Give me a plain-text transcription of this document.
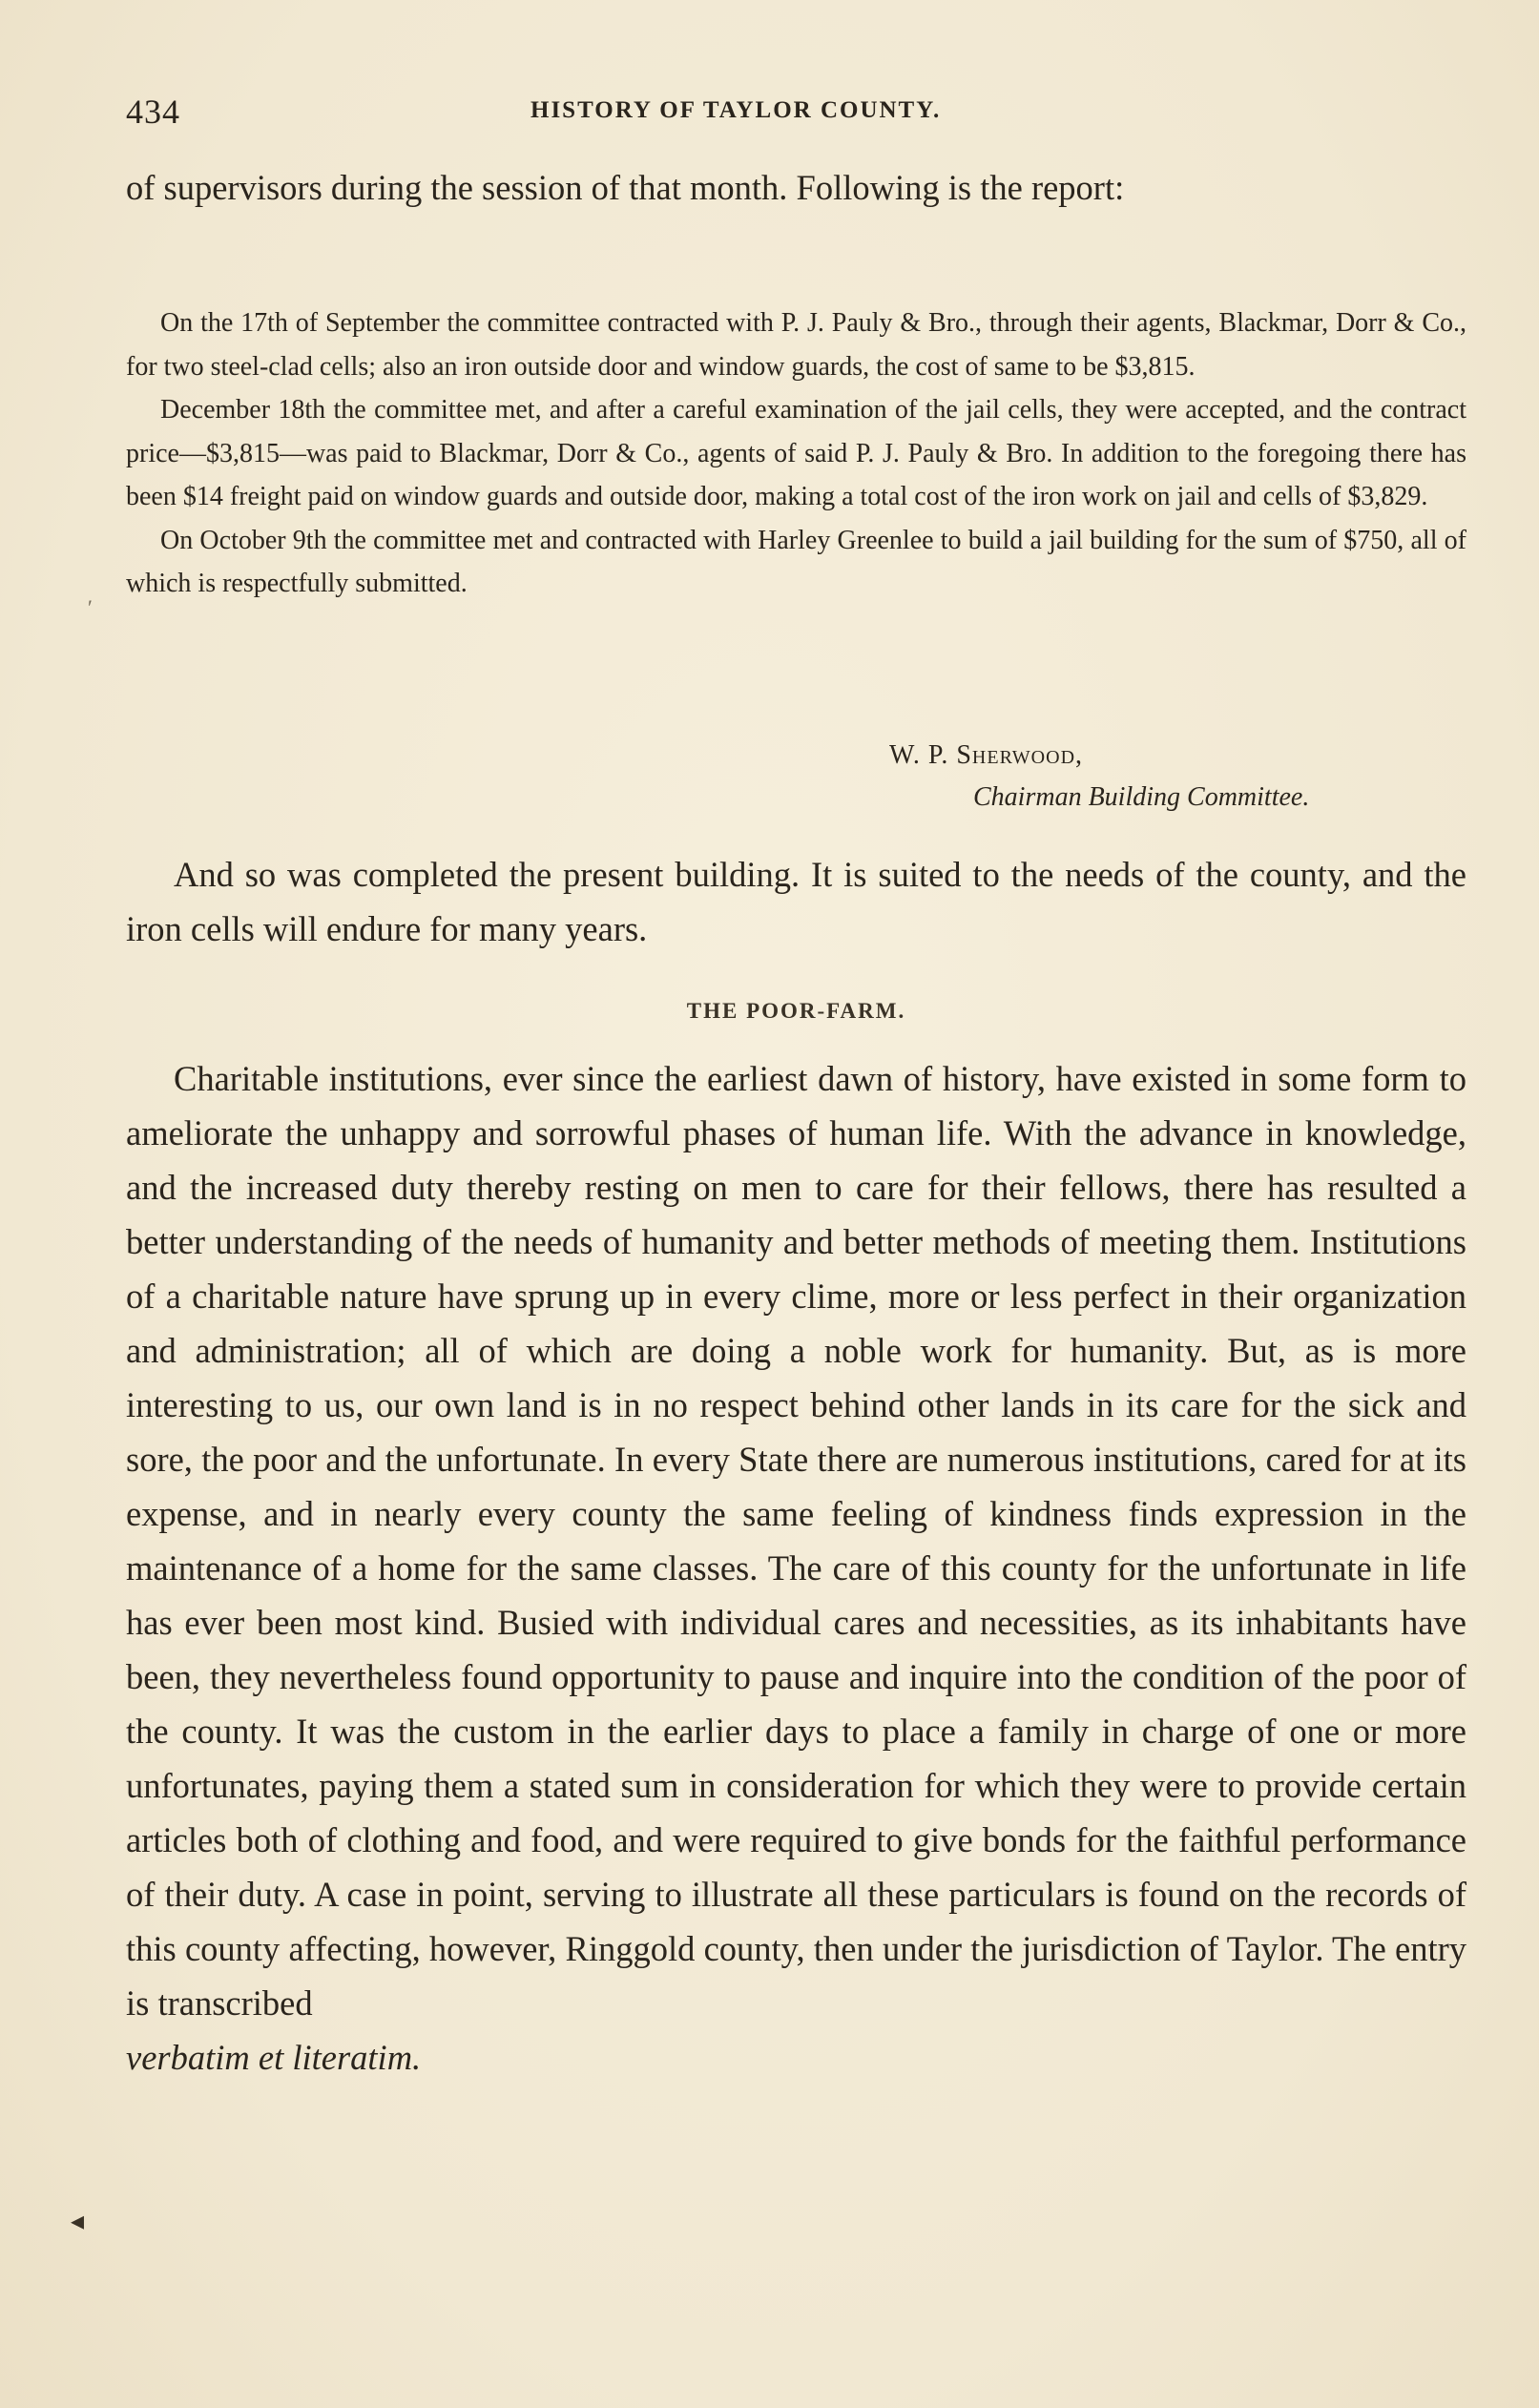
434	HISTORY OF TAYLOR COUNTY.
of supervisors during the session of that month. Following is the report:

On the 17th of September the committee contracted with P. J. Pauly & Bro., through their agents, Blackmar, Dorr & Co., for two steel-clad cells; also an iron outside door and window guards, the cost of same to be $3,815.

December 18th the committee met, and after a careful examination of the jail cells, they were accepted, and the contract price—$3,815—was paid to Blackmar, Dorr & Co., agents of said P. J. Pauly & Bro. In addition to the foregoing there has been $14 freight paid on window guards and outside door, making a total cost of the iron work on jail and cells of $3,829.

On October 9th the committee met and contracted with Harley Greenlee to build a jail building for the sum of $750, all of which is respectfully submitted.

W. P. Sherwood,
Chairman Building Committee.

And so was completed the present building. It is suited to the needs of the county, and the iron cells will endure for many years.

THE POOR-FARM.

Charitable institutions, ever since the earliest dawn of history, have existed in some form to ameliorate the unhappy and sorrowful phases of human life. With the advance in knowledge, and the increased duty thereby resting on men to care for their fellows, there has resulted a better understanding of the needs of humanity and better methods of meeting them. Institutions of a charitable nature have sprung up in every clime, more or less perfect in their organization and administration; all of which are doing a noble work for humanity. But, as is more interesting to us, our own land is in no respect behind other lands in its care for the sick and sore, the poor and the unfortunate. In every State there are numerous institutions, cared for at its expense, and in nearly every county the same feeling of kindness finds expression in the maintenance of a home for the same classes. The care of this county for the unfortunate in life has ever been most kind. Busied with individual cares and necessities, as its inhabitants have been, they nevertheless found opportunity to pause and inquire into the condition of the poor of the county. It was the custom in the earlier days to place a family in charge of one or more unfortunates, paying them a stated sum in consideration for which they were to provide certain articles both of clothing and food, and were required to give bonds for the faithful performance of their duty. A case in point, serving to illustrate all these particulars is found on the records of this county affecting, however, Ringgold county, then under the jurisdiction of Taylor. The entry is transcribed
verbatim et literatim.

′
◂
